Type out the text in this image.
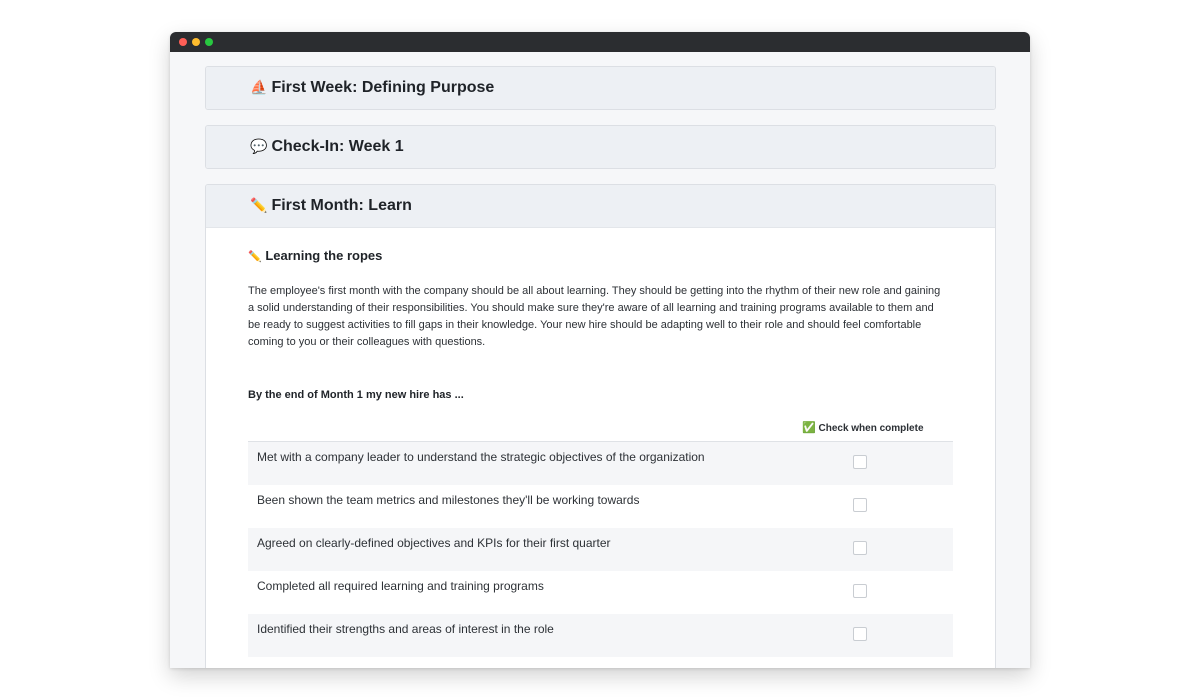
⛵ First Week: Defining Purpose
💬 Check-In: Week 1
✏️ First Month: Learn
✏️ Learning the ropes
The employee's first month with the company should be all about learning. They should be getting into the rhythm of their new role and gaining a solid understanding of their responsibilities. You should make sure they're aware of all learning and training programs available to them and be ready to suggest activities to fill gaps in their knowledge. Your new hire should be adapting well to their role and should feel comfortable coming to you or their colleagues with questions.
By the end of Month 1 my new hire has ...
✅ Check when complete
Met with a company leader to understand the strategic objectives of the organization
Been shown the team metrics and milestones they'll be working towards
Agreed on clearly-defined objectives and KPIs for their first quarter
Completed all required learning and training programs
Identified their strengths and areas of interest in the role
